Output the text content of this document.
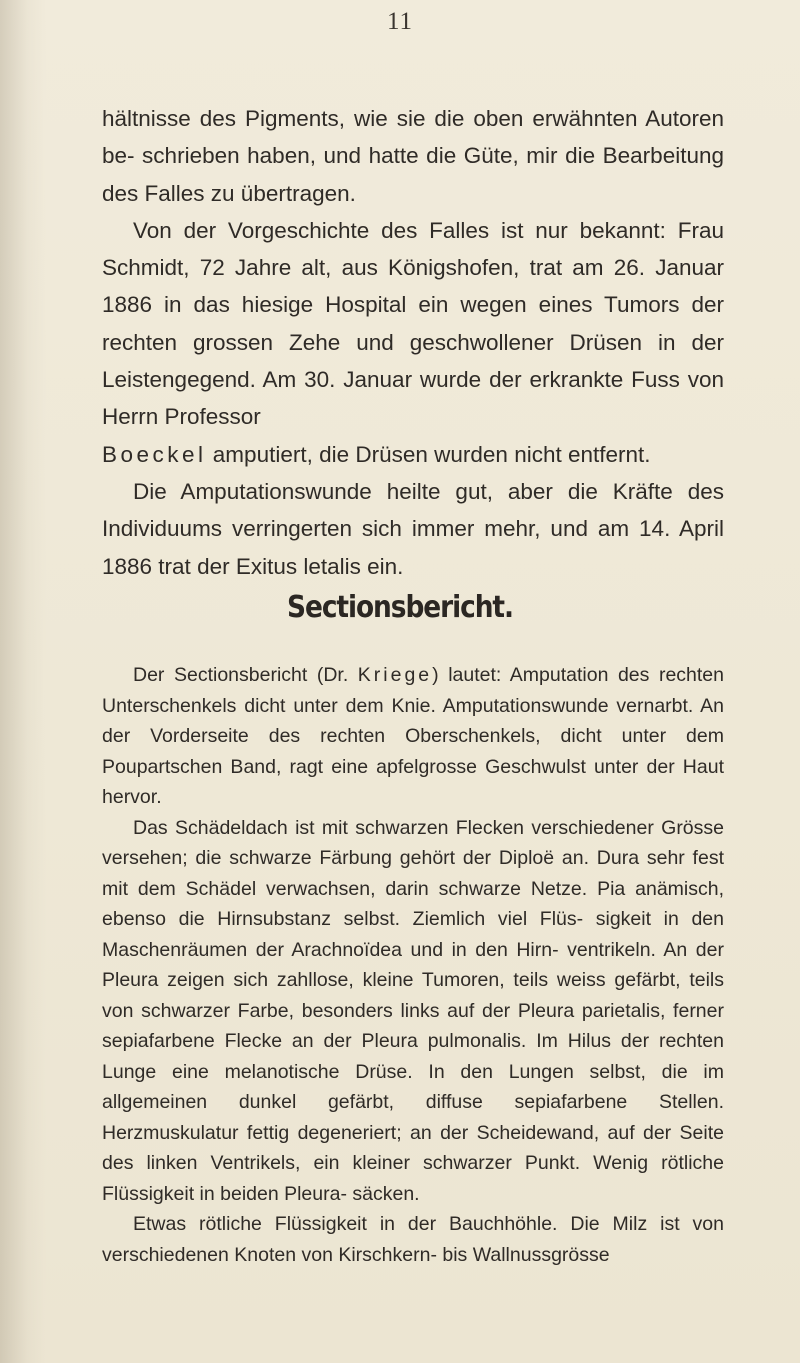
11

hältnisse des Pigments, wie sie die oben erwähnten Autoren be- schrieben haben, und hatte die Güte, mir die Bearbeitung des Falles zu übertragen.

Von der Vorgeschichte des Falles ist nur bekannt: Frau Schmidt, 72 Jahre alt, aus Königshofen, trat am 26. Januar 1886 in das hiesige Hospital ein wegen eines Tumors der rechten grossen Zehe und geschwollener Drüsen in der Leistengegend. Am 30. Januar wurde der erkrankte Fuss von Herrn Professor
Boeckel amputiert, die Drüsen wurden nicht entfernt.

Die Amputationswunde heilte gut, aber die Kräfte des Individuums verringerten sich immer mehr, und am 14. April 1886 trat der Exitus letalis ein.

Sectionsbericht.

Der Sectionsbericht (Dr. Kriege) lautet: Amputation des rechten Unterschenkels dicht unter dem Knie. Amputationswunde vernarbt. An der Vorderseite des rechten Oberschenkels, dicht unter dem Poupartschen Band, ragt eine apfelgrosse Geschwulst unter der Haut hervor.

Das Schädeldach ist mit schwarzen Flecken verschiedener Grösse versehen; die schwarze Färbung gehört der Diploë an. Dura sehr fest mit dem Schädel verwachsen, darin schwarze Netze. Pia anämisch, ebenso die Hirnsubstanz selbst. Ziemlich viel Flüs- sigkeit in den Maschenräumen der Arachnoïdea und in den Hirn- ventrikeln. An der Pleura zeigen sich zahllose, kleine Tumoren, teils weiss gefärbt, teils von schwarzer Farbe, besonders links auf der Pleura parietalis, ferner sepiafarbene Flecke an der Pleura pulmonalis. Im Hilus der rechten Lunge eine melanotische Drüse. In den Lungen selbst, die im allgemeinen dunkel gefärbt, diffuse sepiafarbene Stellen. Herzmuskulatur fettig degeneriert; an der Scheidewand, auf der Seite des linken Ventrikels, ein kleiner schwarzer Punkt. Wenig rötliche Flüssigkeit in beiden Pleura- säcken.

Etwas rötliche Flüssigkeit in der Bauchhöhle. Die Milz ist von verschiedenen Knoten von Kirschkern- bis Wallnussgrösse
